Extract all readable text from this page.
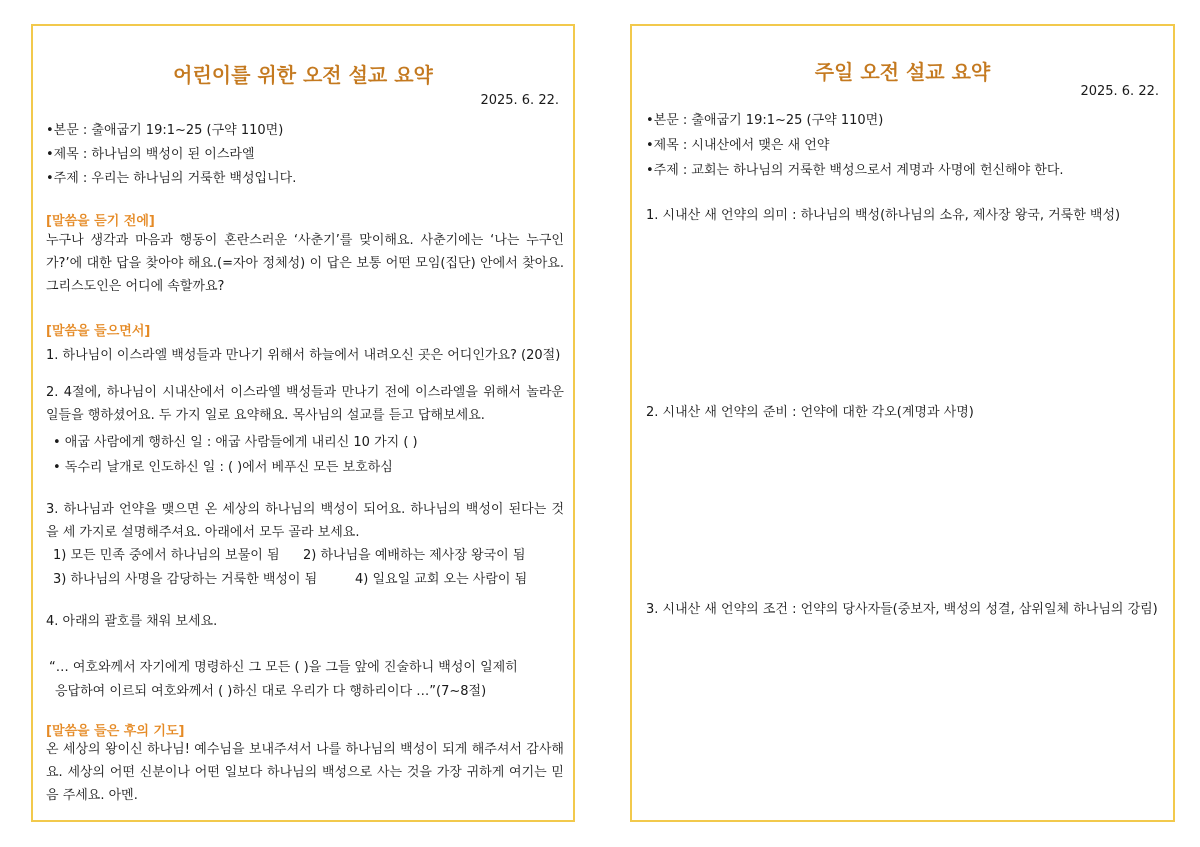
어린이를 위한 오전 설교 요약
2025. 6. 22.

•본문 : 출애굽기 19:1~25 (구약 110면)

•제목 : 하나님의 백성이 된 이스라엘

•주제 : 우리는 하나님의 거룩한 백성입니다.

[말씀을 듣기 전에]

누구나 생각과 마음과 행동이 혼란스러운 ‘사춘기’를 맞이해요. 사춘기에는 ‘나는 누구인가?’에 대한 답을 찾아야 해요.(=자아 정체성) 이 답은 보통 어떤 모임(집단) 안에서 찾아요. 그리스도인은 어디에 속할까요?

[말씀을 들으면서]

1. 하나님이 이스라엘 백성들과 만나기 위해서 하늘에서 내려오신 곳은 어디인가요? (20절)

2. 4절에, 하나님이 시내산에서 이스라엘 백성들과 만나기 전에 이스라엘을 위해서 놀라운 일들을 행하셨어요. 두 가지 일로 요약해요. 목사님의 설교를 듣고 답해보세요.

• 애굽 사람에게 행하신 일 : 애굽 사람들에게 내리신 10 가지 ( )

• 독수리 날개로 인도하신 일 : ( )에서 베푸신 모든 보호하심

3. 하나님과 언약을 맺으면 온 세상의 하나님의 백성이 되어요. 하나님의 백성이 된다는 것을 세 가지로 설명해주셔요. 아래에서 모두 골라 보세요.

1) 모든 민족 중에서 하나님의 보물이 됨 2) 하나님을 예배하는 제사장 왕국이 됨

3) 하나님의 사명을 감당하는 거룩한 백성이 됨	4) 일요일 교회 오는 사람이 됨

4. 아래의 괄호를 채워 보세요.

“… 여호와께서 자기에게 명령하신 그 모든 ( )을 그들 앞에 진술하니 백성이 일제히

응답하여 이르되 여호와께서 ( )하신 대로 우리가 다 행하리이다 …”(7~8절)

[말씀을 들은 후의 기도]

온 세상의 왕이신 하나님! 예수님을 보내주셔서 나를 하나님의 백성이 되게 해주셔서 감사해요. 세상의 어떤 신분이나 어떤 일보다 하나님의 백성으로 사는 것을 가장 귀하게 여기는 믿음 주세요. 아멘.

주일 오전 설교 요약
2025. 6. 22.

•본문 : 출애굽기 19:1~25 (구약 110면)

•제목 : 시내산에서 맺은 새 언약

•주제 : 교회는 하나님의 거룩한 백성으로서 계명과 사명에 헌신해야 한다.

1. 시내산 새 언약의 의미 : 하나님의 백성(하나님의 소유, 제사장 왕국, 거룩한 백성)

2. 시내산 새 언약의 준비 : 언약에 대한 각오(계명과 사명)

3. 시내산 새 언약의 조건 : 언약의 당사자들(중보자, 백성의 성결, 삼위일체 하나님의 강림)
